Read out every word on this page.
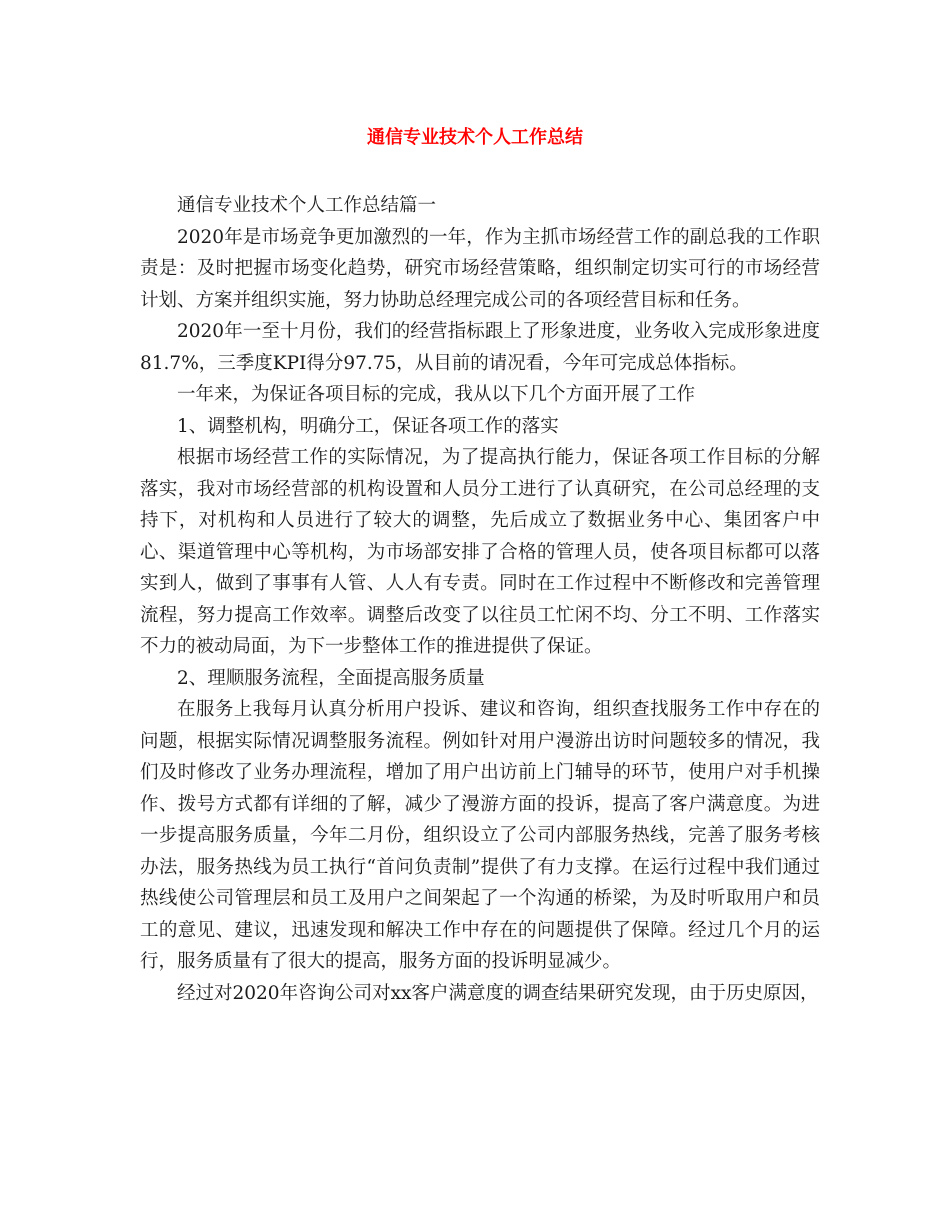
通信专业技术个人工作总结

通信专业技术个人工作总结篇一

2020年是市场竞争更加激烈的一年，作为主抓市场经营工作的副总我的工作职责是：及时把握市场变化趋势，研究市场经营策略，组织制定切实可行的市场经营计划、方案并组织实施，努力协助总经理完成公司的各项经营目标和任务。

2020年一至十月份，我们的经营指标跟上了形象进度，业务收入完成形象进度81.7%，三季度KPI得分97.75，从目前的请况看，今年可完成总体指标。

一年来，为保证各项目标的完成，我从以下几个方面开展了工作

1、调整机构，明确分工，保证各项工作的落实

根据市场经营工作的实际情况，为了提高执行能力，保证各项工作目标的分解落实，我对市场经营部的机构设置和人员分工进行了认真研究，在公司总经理的支持下，对机构和人员进行了较大的调整，先后成立了数据业务中心、集团客户中心、渠道管理中心等机构，为市场部安排了合格的管理人员，使各项目标都可以落实到人，做到了事事有人管、人人有专责。同时在工作过程中不断修改和完善管理流程，努力提高工作效率。调整后改变了以往员工忙闲不均、分工不明、工作落实不力的被动局面，为下一步整体工作的推进提供了保证。

2、理顺服务流程，全面提高服务质量

在服务上我每月认真分析用户投诉、建议和咨询，组织查找服务工作中存在的问题，根据实际情况调整服务流程。例如针对用户漫游出访时问题较多的情况，我们及时修改了业务办理流程，增加了用户出访前上门辅导的环节，使用户对手机操作、拨号方式都有详细的了解，减少了漫游方面的投诉，提高了客户满意度。为进一步提高服务质量，今年二月份，组织设立了公司内部服务热线，完善了服务考核办法，服务热线为员工执行“首问负责制”提供了有力支撑。在运行过程中我们通过热线使公司管理层和员工及用户之间架起了一个沟通的桥梁，为及时听取用户和员工的意见、建议，迅速发现和解决工作中存在的问题提供了保障。经过几个月的运行，服务质量有了很大的提高，服务方面的投诉明显减少。

经过对2020年咨询公司对xx客户满意度的调查结果研究发现，由于历史原因，
